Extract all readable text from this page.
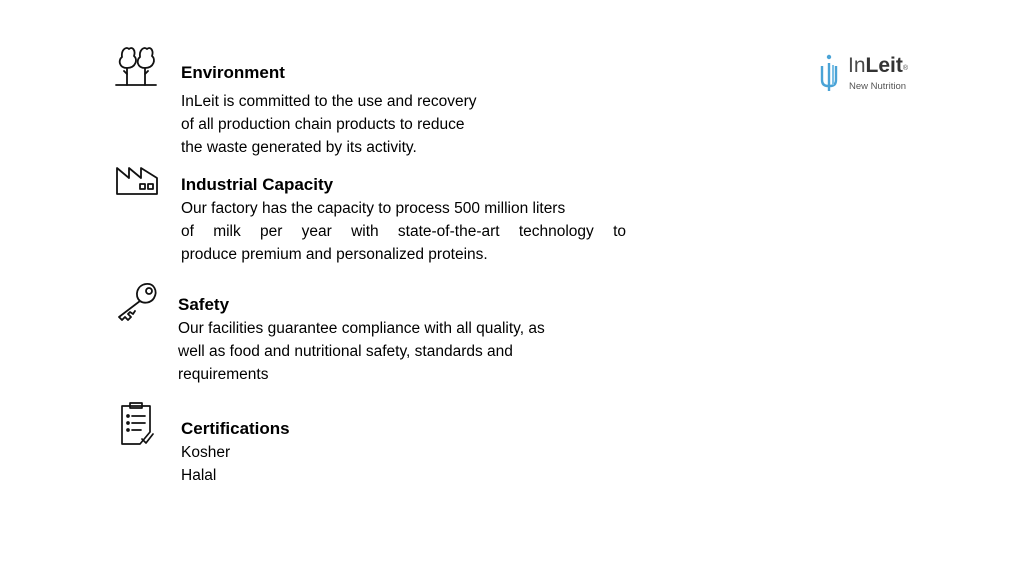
InLeit®
New Nutrition

Environment

InLeit is committed to the use and recovery
of all production chain products to reduce
the waste generated by its activity.

Industrial Capacity

Our factory has the capacity to process 500 million liters
of milk per year with state-of-the-art technology to
produce premium and personalized proteins.

Safety

Our facilities guarantee compliance with all quality, as
well as food and nutritional safety, standards and
requirements

Certifications

Kosher
Halal
